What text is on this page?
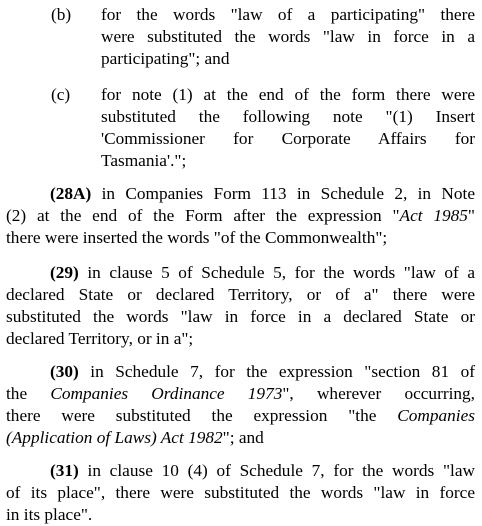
(b) for the words "law of a participating" there
were substituted the words "law in force in a
participating"; and
(c) for note (1) at the end of the form there were
substituted the following note "(1) Insert
'Commissioner for Corporate Affairs for
Tasmania'.";
(28A) in Companies Form 113 in Schedule 2, in Note
(2) at the end of the Form after the expression "Act 1985"
there were inserted the words "of the Commonwealth";
(29) in clause 5 of Schedule 5, for the words "law of a
declared State or declared Territory, or of a" there were
substituted the words "law in force in a declared State or
declared Territory, or in a";
(30) in Schedule 7, for the expression "section 81 of
the Companies Ordinance 1973", wherever occurring,
there were substituted the expression "the Companies
(Application of Laws) Act 1982"; and
(31) in clause 10 (4) of Schedule 7, for the words "law
of its place", there were substituted the words "law in force
in its place".
